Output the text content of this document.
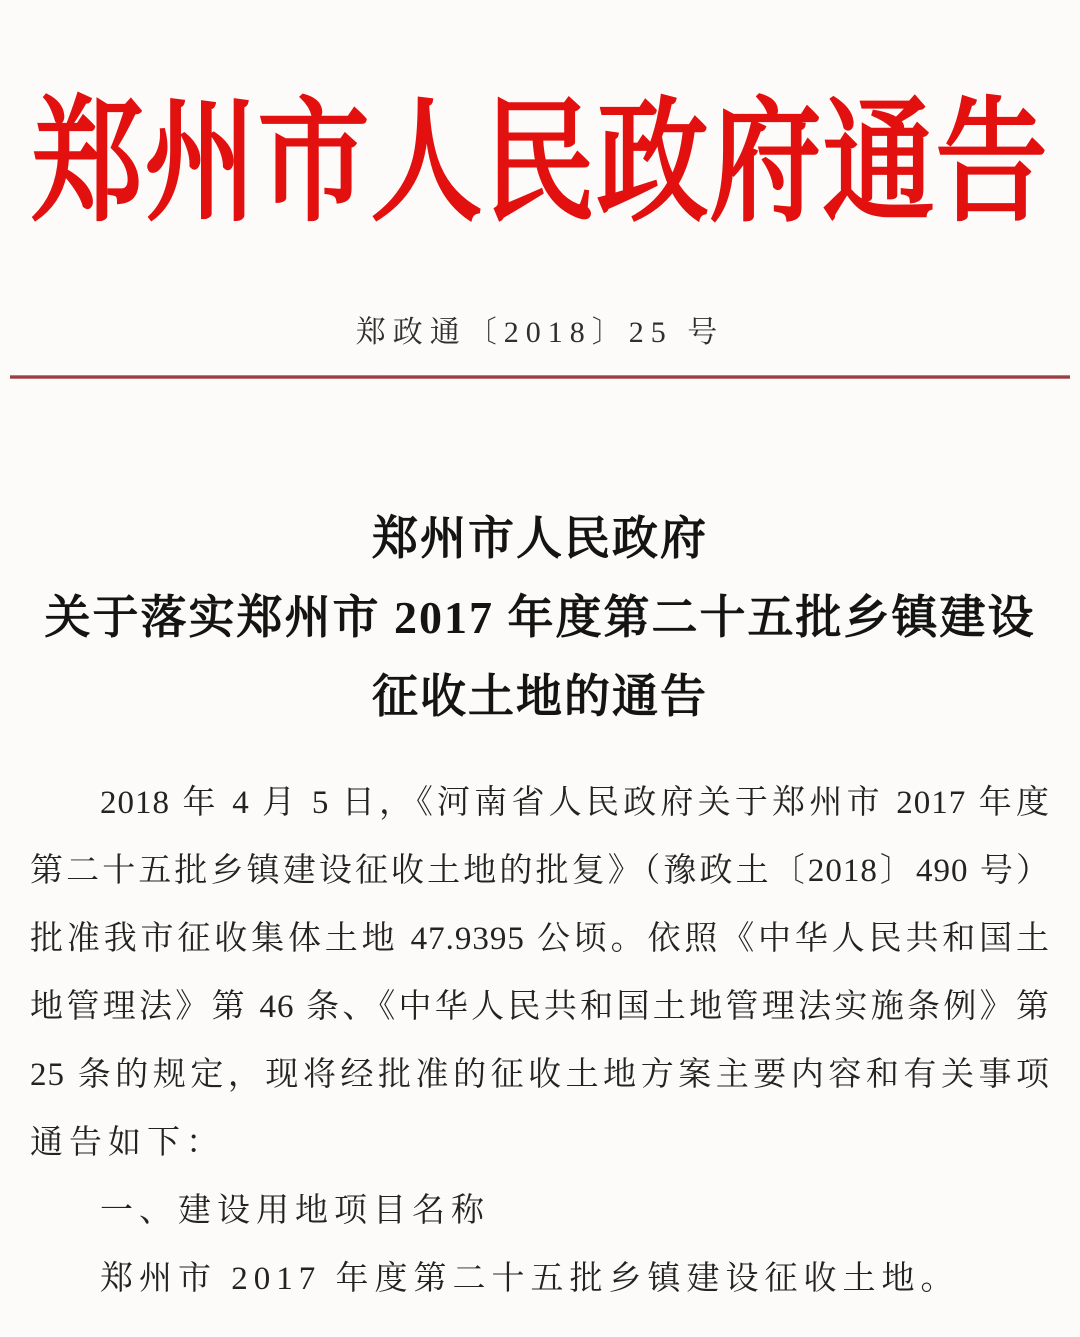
郑州市人民政府通告
郑政通〔2018〕25 号
郑州市人民政府
关于落实郑州市 2017 年度第二十五批乡镇建设
征收土地的通告
2018 年 4 月 5 日，《河南省人民政府关于郑州市 2017 年度
第二十五批乡镇建设征收土地的批复》（豫政土〔2018〕490 号）
批准我市征收集体土地 47.9395 公顷。依照《中华人民共和国土
地管理法》第 46 条、《中华人民共和国土地管理法实施条例》第
25 条的规定，现将经批准的征收土地方案主要内容和有关事项
通告如下：
一、建设用地项目名称
郑州市 2017 年度第二十五批乡镇建设征收土地。
